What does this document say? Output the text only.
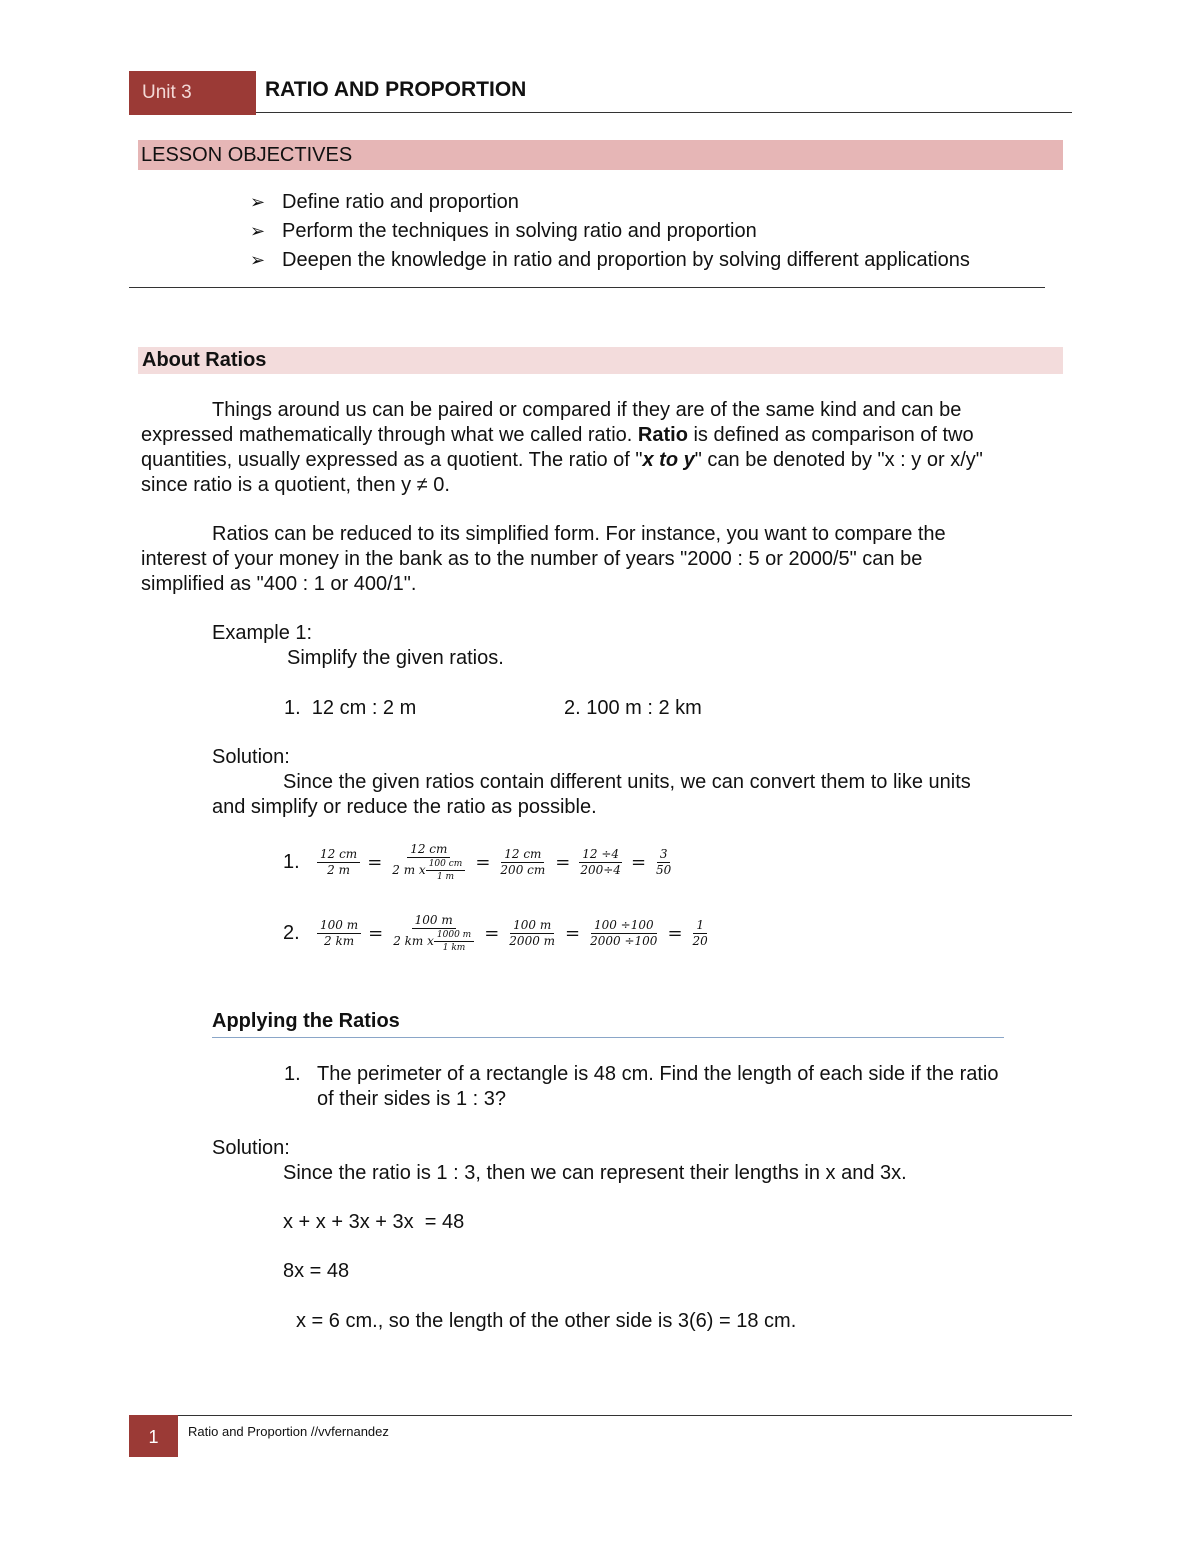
Unit 3	RATIO AND PROPORTION
LESSON OBJECTIVES
➢ Define ratio and proportion
➢ Perform the techniques in solving ratio and proportion
➢ Deepen the knowledge in ratio and proportion by solving different applications
About Ratios

Things around us can be paired or compared if they are of the same kind and can be

expressed mathematically through what we called ratio. Ratio is defined as comparison of two

quantities, usually expressed as a quotient. The ratio of "x to y" can be denoted by "x : y or x/y"

since ratio is a quotient, then y ≠ 0.

Ratios can be reduced to its simplified form. For instance, you want to compare the

interest of your money in the bank as to the number of years "2000 : 5 or 2000/5" can be

simplified as "400 : 1 or 400/1".

Example 1:
Simplify the given ratios.
1.  12 cm : 2 m	2. 100 m : 2 km
Solution:

Since the given ratios contain different units, we can convert them to like units

and simplify or reduce the ratio as possible.

1.	$\frac{12 cm}{2 m} = \frac{12 cm}{2 m x \frac{100 cm}{1 m}} = \frac{12 cm}{200 cm} = \frac{12 \div 4}{200\div 4} = \frac{3}{50}$
2.	$\frac{100 m}{2 km} = \frac{100 m}{2 km x \frac{1000 m}{1 km}} = \frac{100 m}{2000 m} = \frac{100 \div 100}{2000 \div 100} = \frac{1}{20}$
Applying the Ratios
1. The perimeter of a rectangle is 48 cm. Find the length of each side if the ratio

of their sides is 1 : 3?

Solution:
Since the ratio is 1 : 3, then we can represent their lengths in x and 3x.
x + x + 3x + 3x  = 48
8x = 48
x = 6 cm., so the length of the other side is 3(6) = 18 cm.
1	Ratio and Proportion //vvfernandez
